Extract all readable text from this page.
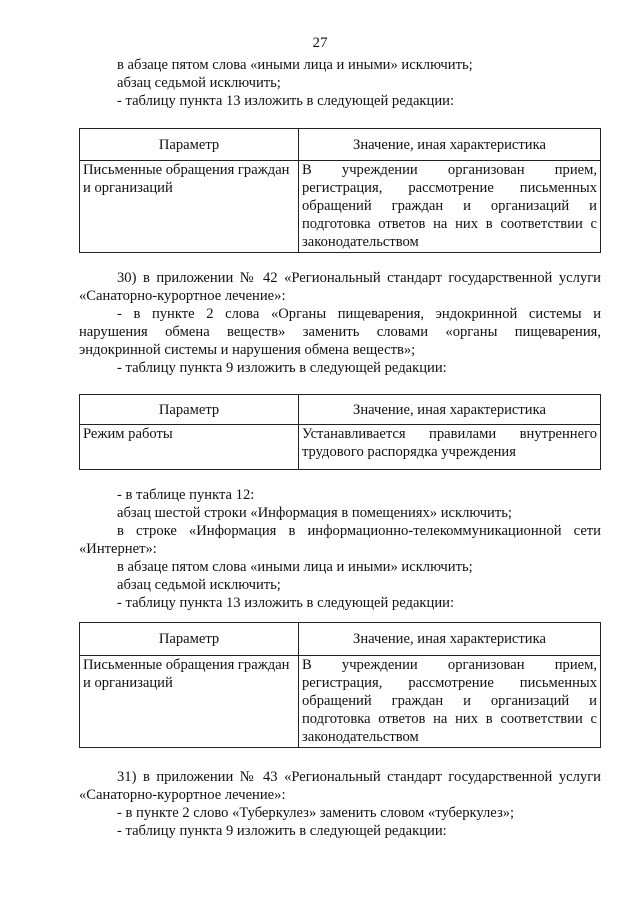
27

в абзаце пятом слова «иными лица и иными» исключить;

абзац седьмой исключить;

- таблицу пункта 13 изложить в следующей редакции:

Параметр	Значение, иная характеристика

Письменные обращения граждан
и организаций	В учреждении организован прием,
регистрация, рассмотрение письменных
обращений граждан и организаций и
подготовка ответов на них в соответствии с
законодательством

30) в приложении № 42 «Региональный стандарт государственной услуги

«Санаторно-курортное лечение»:

- в пункте 2 слова «Органы пищеварения, эндокринной системы и

нарушения обмена веществ» заменить словами «органы пищеварения,

эндокринной системы и нарушения обмена веществ»;

- таблицу пункта 9 изложить в следующей редакции:

Параметр	Значение, иная характеристика

Режим работы	Устанавливается правилами внутреннего
трудового распорядка учреждения

- в таблице пункта 12:

абзац шестой строки «Информация в помещениях» исключить;

в строке «Информация в информационно-телекоммуникационной сети

«Интернет»:

в абзаце пятом слова «иными лица и иными» исключить;

абзац седьмой исключить;

- таблицу пункта 13 изложить в следующей редакции:

Параметр	Значение, иная характеристика

Письменные обращения граждан
и организаций	В учреждении организован прием,
регистрация, рассмотрение письменных
обращений граждан и организаций и
подготовка ответов на них в соответствии с
законодательством

31) в приложении № 43 «Региональный стандарт государственной услуги

«Санаторно-курортное лечение»:

- в пункте 2 слово «Туберкулез» заменить словом «туберкулез»;

- таблицу пункта 9 изложить в следующей редакции:
